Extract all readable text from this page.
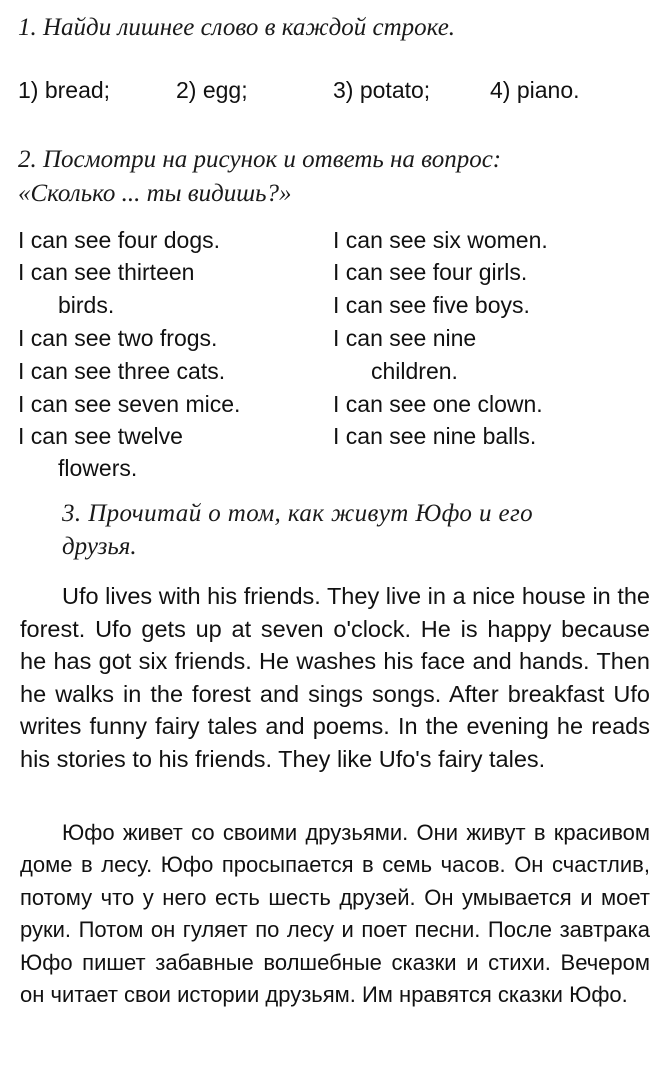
1. Найди лишнее слово в каждой строке.
1) bread;	2) egg;	3) potato;	4) piano.
2. Посмотри на рисунок и ответь на вопрос:
«Сколько ... ты видишь?»
I can see four dogs.
I can see thirteen
birds.
I can see two frogs.
I can see three cats.
I can see seven mice.
I can see twelve
flowers.
I can see six women.
I can see four girls.
I can see five boys.
I can see nine
children.
I can see one clown.
I can see nine balls.
3. Прочитай о том, как живут Юфо и его
друзья.

Ufo lives with his friends. They live in a nice house in the forest. Ufo gets up at seven o'clock. He is happy because he has got six friends. He washes his face and hands. Then he walks in the forest and sings songs. After breakfast Ufo writes funny fairy tales and poems. In the evening he reads his stories to his friends. They like Ufo's fairy tales.

Юфо живет со своими друзьями. Они живут в красивом доме в лесу. Юфо просыпается в семь часов. Он счастлив, потому что у него есть шесть друзей. Он умывается и моет руки. Потом он гуляет по лесу и поет песни. После завтрака Юфо пишет забавные волшебные сказки и стихи. Вечером он читает свои истории друзьям. Им нравятся сказки Юфо.
